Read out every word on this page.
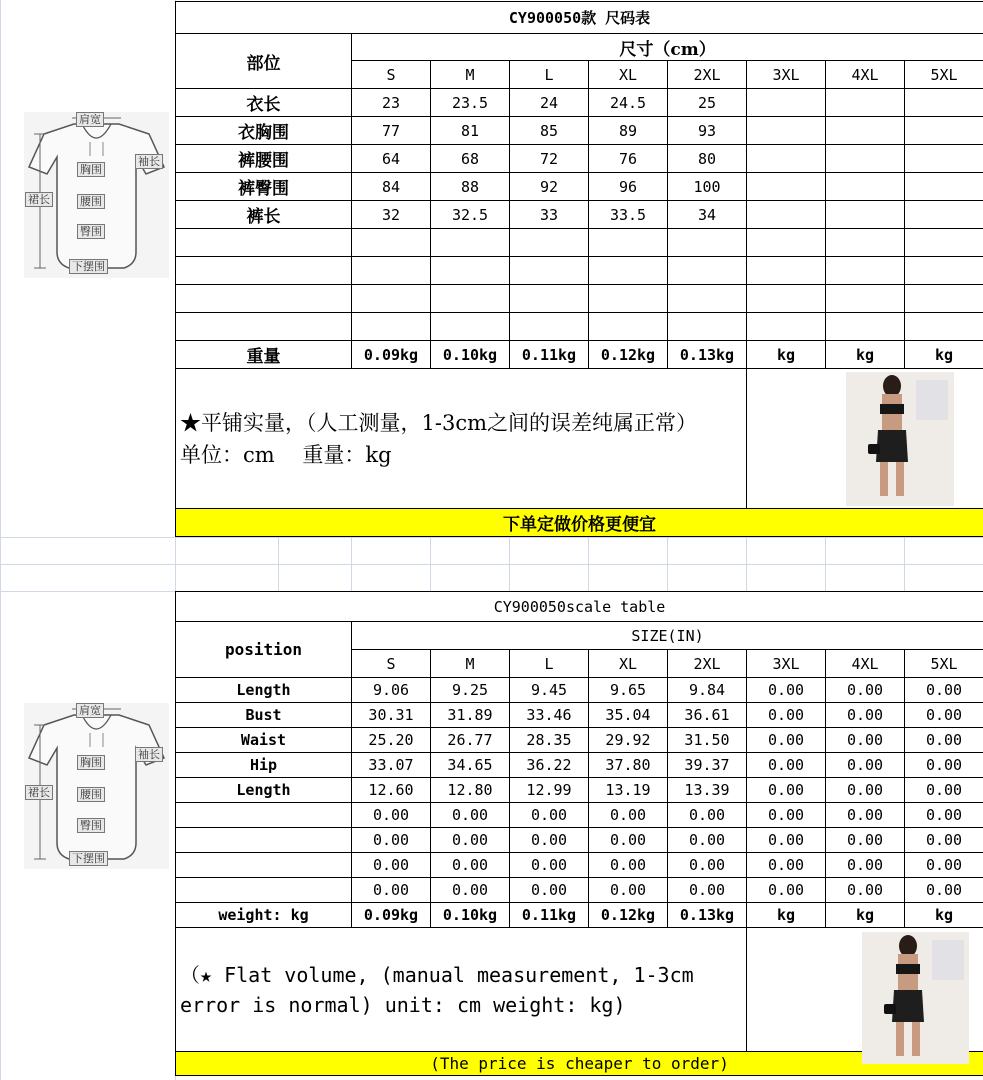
肩宽
袖长
胸围
裙长	腰围
臀围
下摆围
肩宽
袖长
胸围
裙长	腰围
臀围
下摆围
CY900050款 尺码表								
部位	尺寸（cm）							
	S	M	L	XL	2XL	3XL	4XL	5XL
衣长	23	23.5	24	24.5	25			
衣胸围	77	81	85	89	93			
裤腰围	64	68	72	76	80			
裤臀围	84	88	92	96	100			
裤长	32	32.5	33	33.5	34			

重量	0.09kg	0.10kg	0.11kg	0.12kg	0.13kg	kg	kg	kg

★平铺实量，（人工测量，1-3cm之间的误差纯属正常）
单位：cm　 重量：kg								

下单定做价格更便宜								
CY900050scale table								
position	SIZE(IN)							
	S	M	L	XL	2XL	3XL	4XL	5XL
Length	9.06	9.25	9.45	9.65	9.84	0.00	0.00	0.00
Bust	30.31	31.89	33.46	35.04	36.61	0.00	0.00	0.00
Waist	25.20	26.77	28.35	29.92	31.50	0.00	0.00	0.00
Hip	33.07	34.65	36.22	37.80	39.37	0.00	0.00	0.00
Length	12.60	12.80	12.99	13.19	13.39	0.00	0.00	0.00
	0.00	0.00	0.00	0.00	0.00	0.00	0.00	0.00
	0.00	0.00	0.00	0.00	0.00	0.00	0.00	0.00
	0.00	0.00	0.00	0.00	0.00	0.00	0.00	0.00
	0.00	0.00	0.00	0.00	0.00	0.00	0.00	0.00
weight: kg	0.09kg	0.10kg	0.11kg	0.12kg	0.13kg	kg	kg	kg

（★ Flat volume, (manual measurement, 1-3cm
error is normal) unit: cm weight: kg)								

(The price is cheaper to order)								
